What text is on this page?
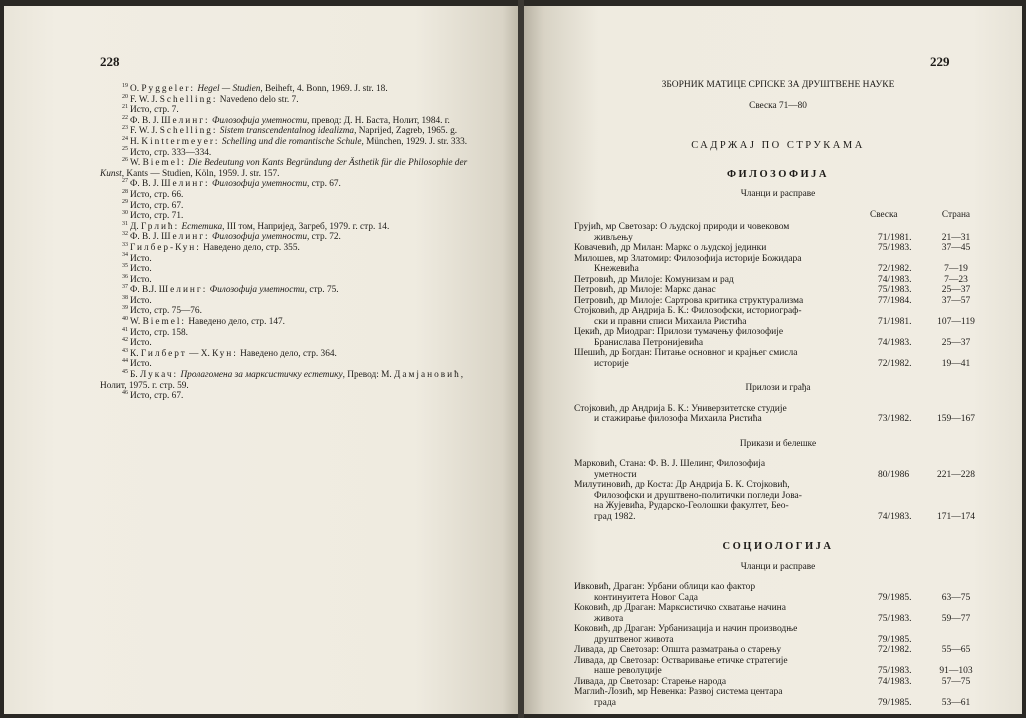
228

$^{19}$ O. Pyggeler: Hegel — Studien, Beiheft, 4. Bonn, 1969. J. str. 18.

$^{20}$ F. W. J. Schelling: Navedeno delo str. 7.

$^{21}$ Исто, стр. 7.

$^{22}$ Ф. В. Ј. Шелинг: Филозофија уметности, превод: Д. Н. Баста, Нолит, 1984. г.

$^{23}$ F. W. J. Schelling: Sistem transcendentalnog idealizma, Naprijed, Zagreb, 1965. g.

$^{24}$ H. Kinttermeyer: Schelling und die romantische Schule, München, 1929. J. str. 333.

$^{25}$ Исто, стр. 333—334.

$^{26}$ W. Biemel: Die Bedeutung von Kants Begründung der Ästhetik für die Philosophie der Kunst, Kants — Studien, Köln, 1959. J. str. 157.

$^{27}$ Ф. В. Ј. Шелинг: Филозофија уметности, стр. 67.

$^{28}$ Исто, стр. 66.

$^{29}$ Исто, стр. 67.

$^{30}$ Исто, стр. 71.

$^{31}$ Д. Грлић: Естетика, III том, Напријед, Загреб, 1979. г. стр. 14.

$^{32}$ Ф. В. Ј. Шелинг: Филозофија уметности, стр. 72.

$^{33}$ Гилбер-Кун: Наведено дело, стр. 355.

$^{34}$ Исто.

$^{35}$ Исто.

$^{36}$ Исто.

$^{37}$ Ф. В.Ј. Шелинг: Филозофија уметности, стр. 75.

$^{38}$ Исто.

$^{39}$ Исто, стр. 75—76.

$^{40}$ W. Biemel: Наведено дело, стр. 147.

$^{41}$ Исто, стр. 158.

$^{42}$ Исто.

$^{43}$ К. Гилберт — Х. Кун: Наведено дело, стр. 364.

$^{44}$ Исто.

$^{45}$ Б. Лукач: Пролагомена за марксистичку естетику, Превод: М. Дамјановић, Нолит, 1975. г. стр. 59.

$^{46}$ Исто, стр. 67.

229
ЗБОРНИК МАТИЦЕ СРПСКЕ ЗА ДРУШТВЕНЕ НАУКЕ
Свеска 71—80
САДРЖАЈ ПО СТРУКАМА
ФИЛОЗОФИЈА
Чланци и расправе
Свеска	Страна
Грујић, мр Светозар: О људској природи и човековом
живљењу	71/1981.	21—31
Ковачевић, др Милан: Маркс о људској јединки	75/1983.	37—45
Милошев, мр Златомир: Филозофија историје Божидара
Кнежевића	72/1982.	7—19
Петровић, др Милоје: Комунизам и рад	74/1983.	7—23
Петровић, др Милоје: Маркс данас	75/1983.	25—37
Петровић, др Милоје: Сартрова критика структурализма	77/1984.	37—57
Стојковић, др Андрија Б. К.: Филозофски, историограф-
ски и правни списи Михаила Ристића	71/1981.	107—119
Цекић, др Миодраг: Прилози тумачењу филозофије
Бранислава Петронијевића	74/1983.	25—37
Шешић, др Богдан: Питање основног и крајњег смисла
историје	72/1982.	19—41
Прилози и грађа
Стојковић, др Андрија Б. К.: Универзитетске студије
и стажирање филозофа Михаила Ристића	73/1982.	159—167
Прикази и белешке
Марковић, Стана: Ф. В. Ј. Шелинг, Филозофија
уметности	80/1986	221—228
Милутиновић, др Коста: Др Андрија Б. К. Стојковић,
Филозофски и друштвено-политички погледи Јова-
на Жујевића, Рударско-Геолошки факултет, Бео-
град 1982.	74/1983.	171—174
СОЦИОЛОГИЈА
Чланци и расправе
Ивковић, Драган: Урбани облици као фактор
континуитета Новог Сада	79/1985.	63—75
Коковић, др Драган: Марксистичко схватање начина
живота	75/1983.	59—77
Коковић, др Драган: Урбанизација и начин производње
друштвеног живота	79/1985.
Ливада, др Светозар: Општа разматрања о старењу	72/1982.	55—65
Ливада, др Светозар: Остваривање етичке стратегије
наше револуције	75/1983.	91—103
Ливада, др Светозар: Старење народа	74/1983.	57—75
Маглић-Лозић, мр Невенка: Развој система центара
града	79/1985.	53—61
